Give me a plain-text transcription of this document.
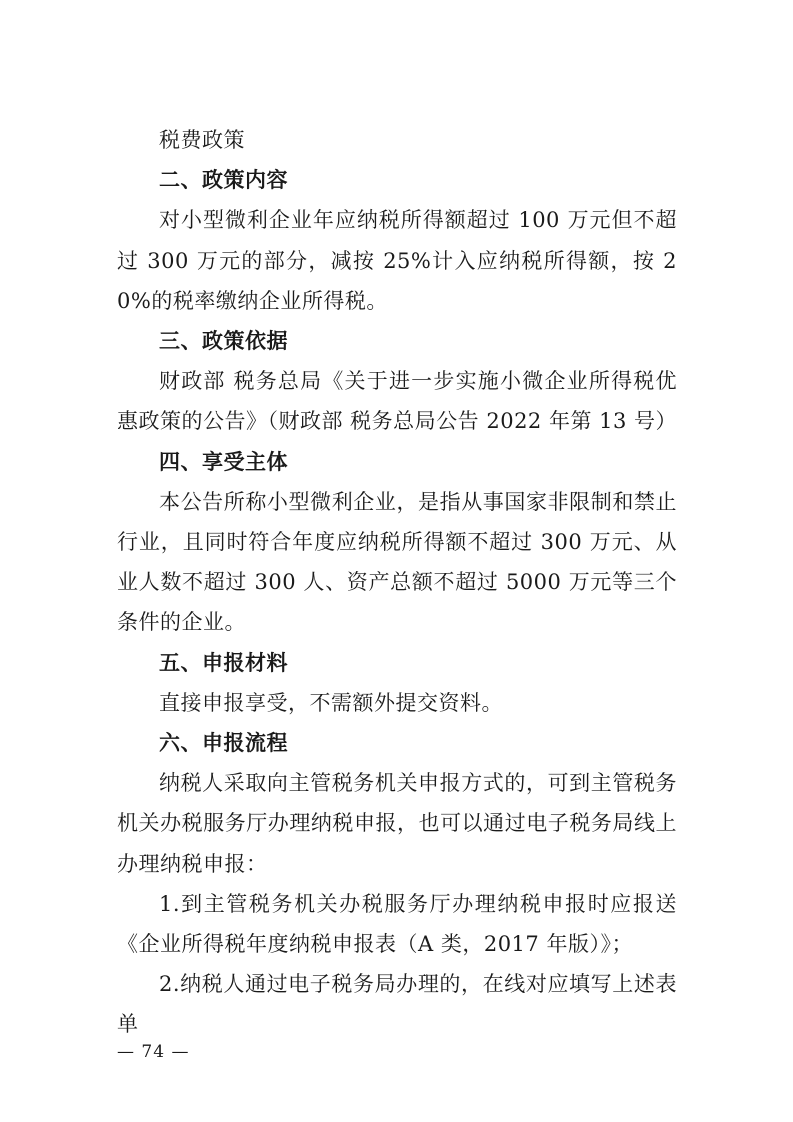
税费政策

二、政策内容

对小型微利企业年应纳税所得额超过 100 万元但不超过 300 万元的部分，减按 25%计入应纳税所得额，按 20%的税率缴纳企业所得税。

三、政策依据

财政部 税务总局《关于进一步实施小微企业所得税优惠政策的公告》（财政部 税务总局公告 2022 年第 13 号）

四、享受主体

本公告所称小型微利企业，是指从事国家非限制和禁止行业，且同时符合年度应纳税所得额不超过 300 万元、从业人数不超过 300 人、资产总额不超过 5000 万元等三个条件的企业。

五、申报材料

直接申报享受，不需额外提交资料。

六、申报流程

纳税人采取向主管税务机关申报方式的，可到主管税务机关办税服务厅办理纳税申报，也可以通过电子税务局线上办理纳税申报：

1.到主管税务机关办税服务厅办理纳税申报时应报送《企业所得税年度纳税申报表（A 类，2017 年版）》；

2.纳税人通过电子税务局办理的，在线对应填写上述表单

— 74 —
